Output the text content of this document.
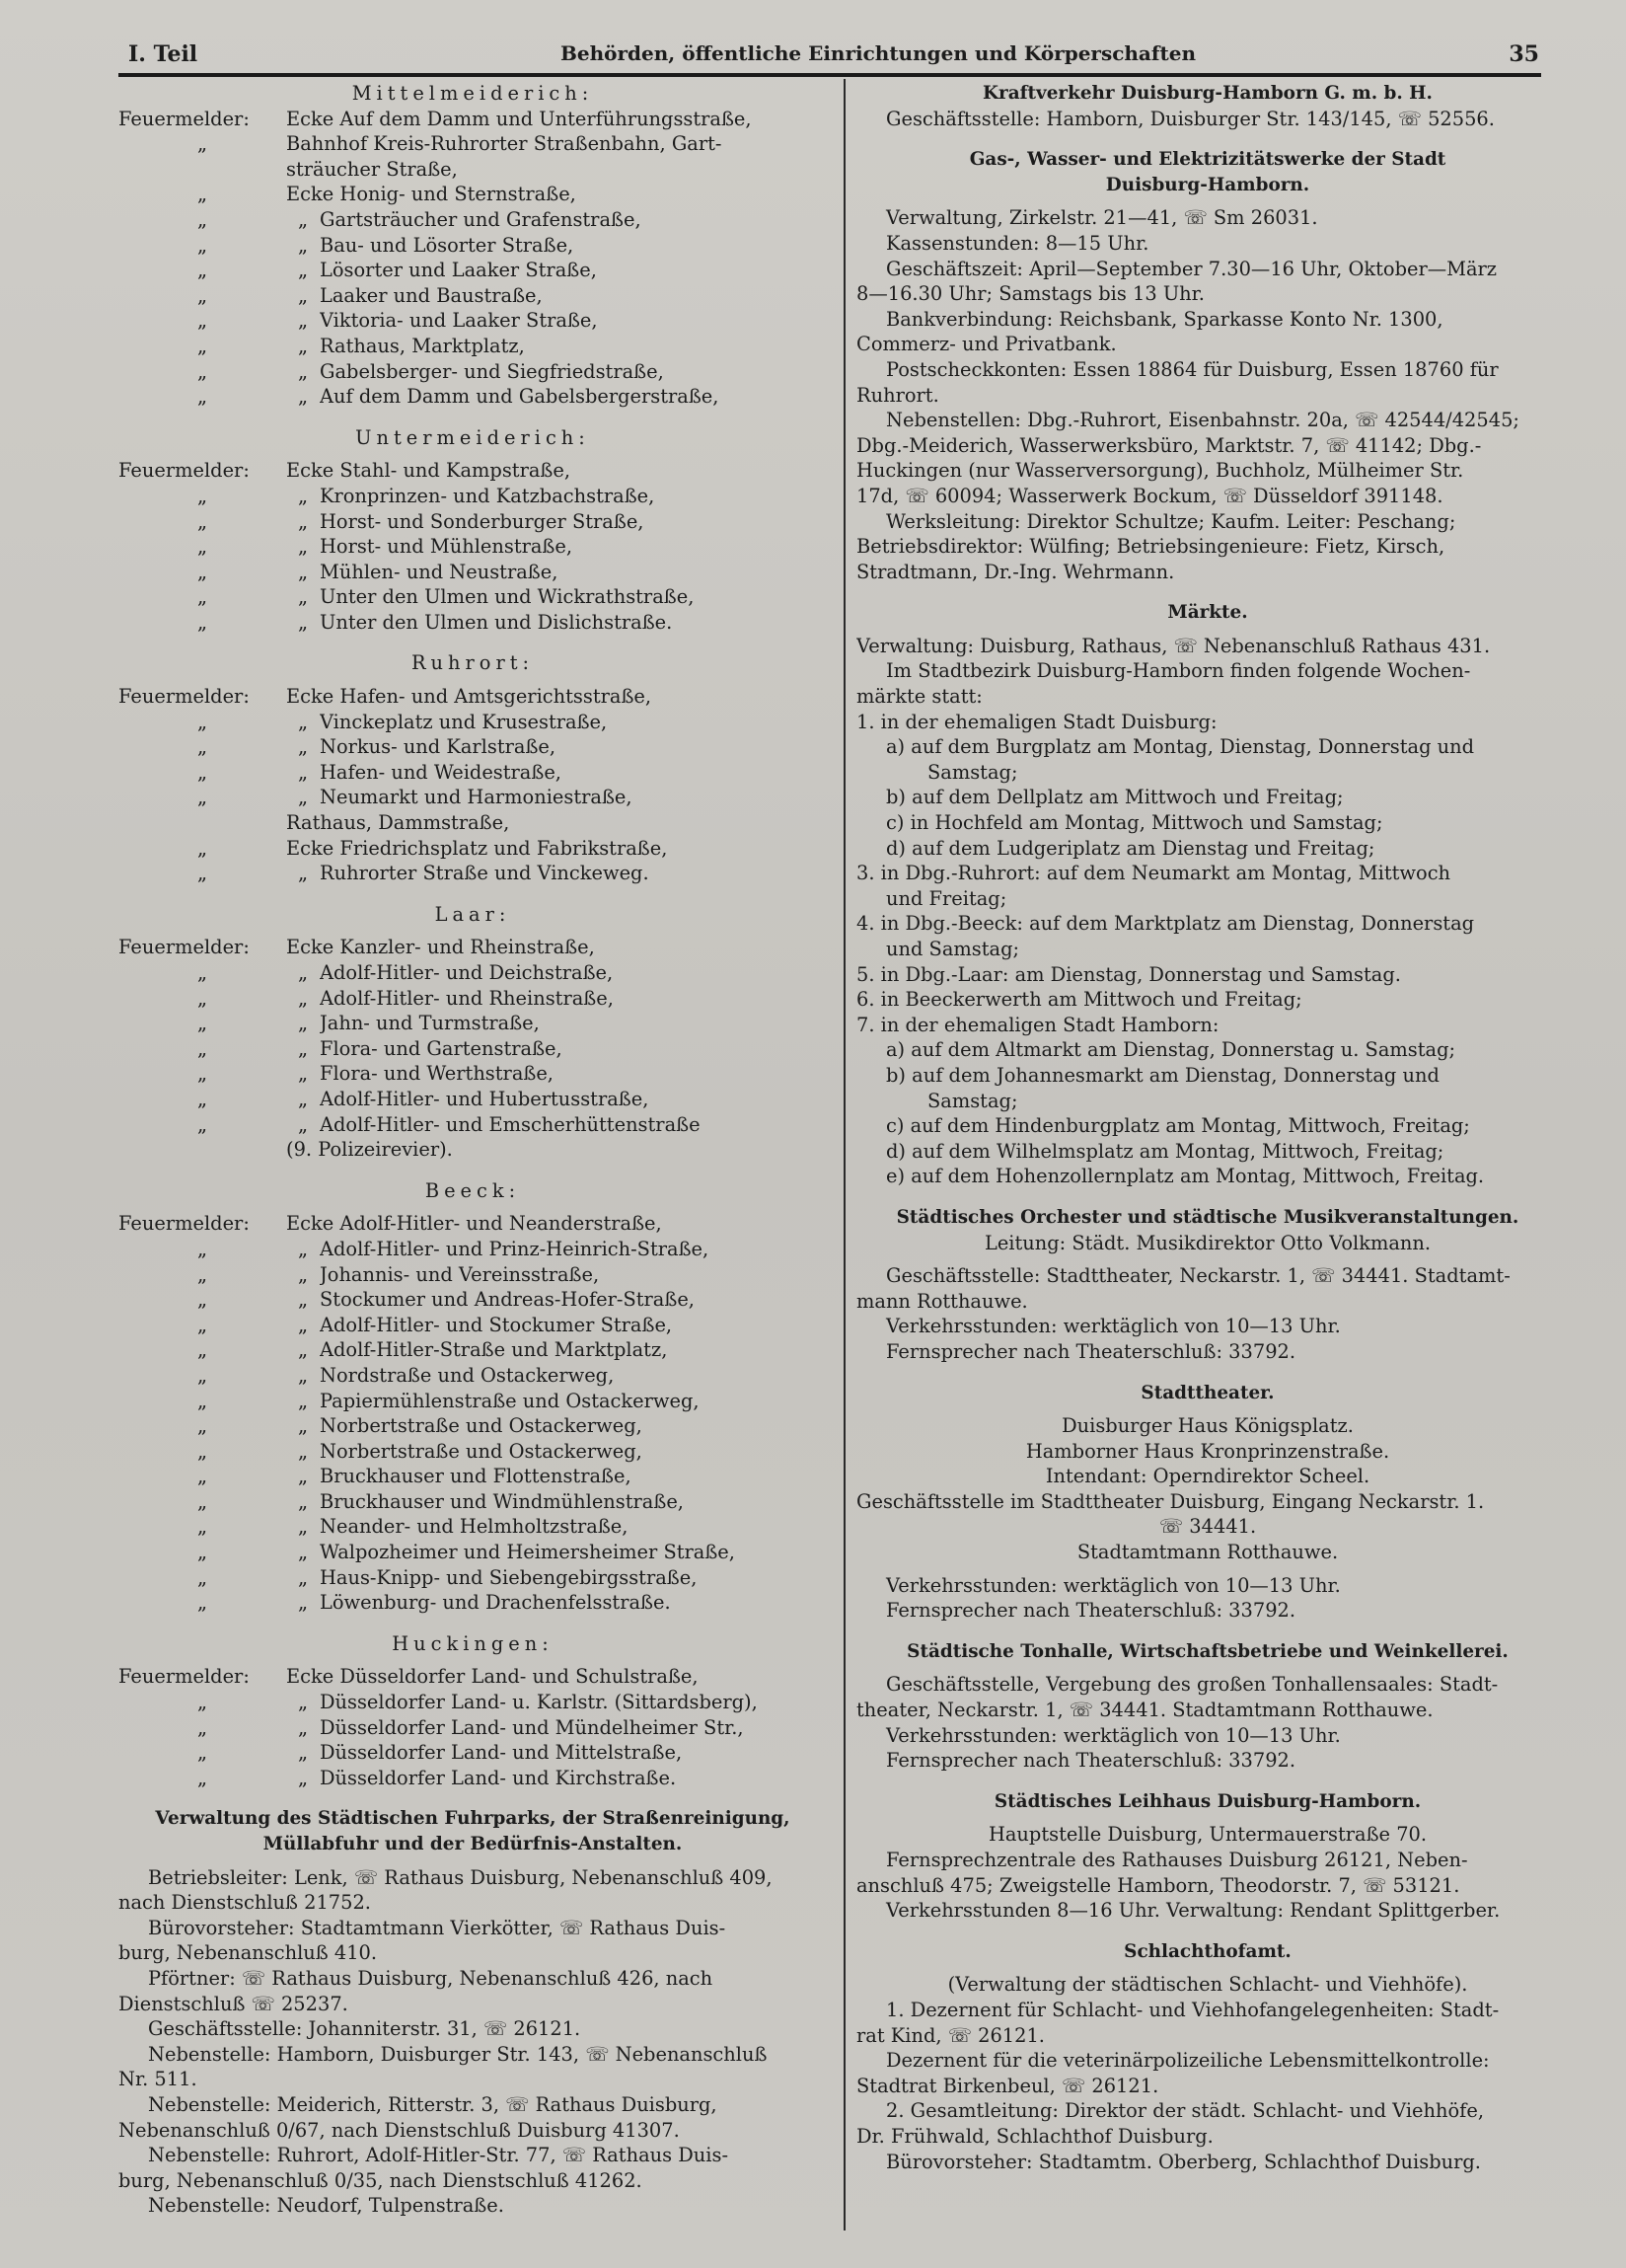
I. Teil	Behörden, öffentliche Einrichtungen und Körperschaften	35
Mittelmeiderich:
Feuermelder:	Ecke Auf dem Damm und Unterführungsstraße,
„	Bahnhof Kreis-Ruhrorter Straßenbahn, Gart-
sträucher Straße,
„	Ecke Honig- und Sternstraße,
„	„ Gartsträucher und Grafenstraße,
„	„ Bau- und Lösorter Straße,
„	„ Lösorter und Laaker Straße,
„	„ Laaker und Baustraße,
„	„ Viktoria- und Laaker Straße,
„	„ Rathaus, Marktplatz,
„	„ Gabelsberger- und Siegfriedstraße,
„	„ Auf dem Damm und Gabelsbergerstraße,
Untermeiderich:
Feuermelder:	Ecke Stahl- und Kampstraße,
„	„ Kronprinzen- und Katzbachstraße,
„	„ Horst- und Sonderburger Straße,
„	„ Horst- und Mühlenstraße,
„	„ Mühlen- und Neustraße,
„	„ Unter den Ulmen und Wickrathstraße,
„	„ Unter den Ulmen und Dislichstraße.
Ruhrort:
Feuermelder:	Ecke Hafen- und Amtsgerichtsstraße,
„	„ Vinckeplatz und Krusestraße,
„	„ Norkus- und Karlstraße,
„	„ Hafen- und Weidestraße,
„	„ Neumarkt und Harmoniestraße,
Rathaus, Dammstraße,
„	Ecke Friedrichsplatz und Fabrikstraße,
„	„ Ruhrorter Straße und Vinckeweg.
Laar:
Feuermelder:	Ecke Kanzler- und Rheinstraße,
„	„ Adolf-Hitler- und Deichstraße,
„	„ Adolf-Hitler- und Rheinstraße,
„	„ Jahn- und Turmstraße,
„	„ Flora- und Gartenstraße,
„	„ Flora- und Werthstraße,
„	„ Adolf-Hitler- und Hubertusstraße,
„	„ Adolf-Hitler- und Emscherhüttenstraße
(9. Polizeirevier).
Beeck:
Feuermelder:	Ecke Adolf-Hitler- und Neanderstraße,
„	„ Adolf-Hitler- und Prinz-Heinrich-Straße,
„	„ Johannis- und Vereinsstraße,
„	„ Stockumer und Andreas-Hofer-Straße,
„	„ Adolf-Hitler- und Stockumer Straße,
„	„ Adolf-Hitler-Straße und Marktplatz,
„	„ Nordstraße und Ostackerweg,
„	„ Papiermühlenstraße und Ostackerweg,
„	„ Norbertstraße und Ostackerweg,
„	„ Norbertstraße und Ostackerweg,
„	„ Bruckhauser und Flottenstraße,
„	„ Bruckhauser und Windmühlenstraße,
„	„ Neander- und Helmholtzstraße,
„	„ Walpozheimer und Heimersheimer Straße,
„	„ Haus-Knipp- und Siebengebirgsstraße,
„	„ Löwenburg- und Drachenfelsstraße.
Huckingen:
Feuermelder:	Ecke Düsseldorfer Land- und Schulstraße,
„	„ Düsseldorfer Land- u. Karlstr. (Sittardsberg),
„	„ Düsseldorfer Land- und Mündelheimer Str.,
„	„ Düsseldorfer Land- und Mittelstraße,
„	„ Düsseldorfer Land- und Kirchstraße.
Verwaltung des Städtischen Fuhrparks, der Straßenreinigung,
Müllabfuhr und der Bedürfnis-Anstalten.
Betriebsleiter: Lenk, ☏ Rathaus Duisburg, Nebenanschluß 409,
nach Dienstschluß 21752.
Bürovorsteher: Stadtamtmann Vierkötter, ☏ Rathaus Duis-
burg, Nebenanschluß 410.
Pförtner: ☏ Rathaus Duisburg, Nebenanschluß 426, nach
Dienstschluß ☏ 25237.
Geschäftsstelle: Johanniterstr. 31, ☏ 26121.
Nebenstelle: Hamborn, Duisburger Str. 143, ☏ Nebenanschluß
Nr. 511.
Nebenstelle: Meiderich, Ritterstr. 3, ☏ Rathaus Duisburg,
Nebenanschluß 0/67, nach Dienstschluß Duisburg 41307.
Nebenstelle: Ruhrort, Adolf-Hitler-Str. 77, ☏ Rathaus Duis-
burg, Nebenanschluß 0/35, nach Dienstschluß 41262.
Nebenstelle: Neudorf, Tulpenstraße.
Kraftverkehr Duisburg-Hamborn G. m. b. H.
Geschäftsstelle: Hamborn, Duisburger Str. 143/145, ☏ 52556.
Gas-, Wasser- und Elektrizitätswerke der Stadt
Duisburg-Hamborn.
Verwaltung, Zirkelstr. 21—41, ☏ Sm 26031.
Kassenstunden: 8—15 Uhr.
Geschäftszeit: April—September 7.30—16 Uhr, Oktober—März
8—16.30 Uhr; Samstags bis 13 Uhr.
Bankverbindung: Reichsbank, Sparkasse Konto Nr. 1300,
Commerz- und Privatbank.
Postscheckkonten: Essen 18864 für Duisburg, Essen 18760 für
Ruhrort.
Nebenstellen: Dbg.-Ruhrort, Eisenbahnstr. 20a, ☏ 42544/42545;
Dbg.-Meiderich, Wasserwerksbüro, Marktstr. 7, ☏ 41142; Dbg.-
Huckingen (nur Wasserversorgung), Buchholz, Mülheimer Str.
17d, ☏ 60094; Wasserwerk Bockum, ☏ Düsseldorf 391148.
Werksleitung: Direktor Schultze; Kaufm. Leiter: Peschang;
Betriebsdirektor: Wülfing; Betriebsingenieure: Fietz, Kirsch,
Stradtmann, Dr.-Ing. Wehrmann.
Märkte.
Verwaltung: Duisburg, Rathaus, ☏ Nebenanschluß Rathaus 431.
Im Stadtbezirk Duisburg-Hamborn finden folgende Wochen-
märkte statt:
1. in der ehemaligen Stadt Duisburg:
a) auf dem Burgplatz am Montag, Dienstag, Donnerstag und
Samstag;
b) auf dem Dellplatz am Mittwoch und Freitag;
c) in Hochfeld am Montag, Mittwoch und Samstag;
d) auf dem Ludgeriplatz am Dienstag und Freitag;
3. in Dbg.-Ruhrort: auf dem Neumarkt am Montag, Mittwoch
und Freitag;
4. in Dbg.-Beeck: auf dem Marktplatz am Dienstag, Donnerstag
und Samstag;
5. in Dbg.-Laar: am Dienstag, Donnerstag und Samstag.
6. in Beeckerwerth am Mittwoch und Freitag;
7. in der ehemaligen Stadt Hamborn:
a) auf dem Altmarkt am Dienstag, Donnerstag u. Samstag;
b) auf dem Johannesmarkt am Dienstag, Donnerstag und
Samstag;
c) auf dem Hindenburgplatz am Montag, Mittwoch, Freitag;
d) auf dem Wilhelmsplatz am Montag, Mittwoch, Freitag;
e) auf dem Hohenzollernplatz am Montag, Mittwoch, Freitag.
Städtisches Orchester und städtische Musikveranstaltungen.
Leitung: Städt. Musikdirektor Otto Volkmann.
Geschäftsstelle: Stadttheater, Neckarstr. 1, ☏ 34441. Stadtamt-
mann Rotthauwe.
Verkehrsstunden: werktäglich von 10—13 Uhr.
Fernsprecher nach Theaterschluß: 33792.
Stadttheater.
Duisburger Haus Königsplatz.
Hamborner Haus Kronprinzenstraße.
Intendant: Operndirektor Scheel.
Geschäftsstelle im Stadttheater Duisburg, Eingang Neckarstr. 1.
☏ 34441.
Stadtamtmann Rotthauwe.
Verkehrsstunden: werktäglich von 10—13 Uhr.
Fernsprecher nach Theaterschluß: 33792.
Städtische Tonhalle, Wirtschaftsbetriebe und Weinkellerei.
Geschäftsstelle, Vergebung des großen Tonhallensaales: Stadt-
theater, Neckarstr. 1, ☏ 34441. Stadtamtmann Rotthauwe.
Verkehrsstunden: werktäglich von 10—13 Uhr.
Fernsprecher nach Theaterschluß: 33792.
Städtisches Leihhaus Duisburg-Hamborn.
Hauptstelle Duisburg, Untermauerstraße 70.
Fernsprechzentrale des Rathauses Duisburg 26121, Neben-
anschluß 475; Zweigstelle Hamborn, Theodorstr. 7, ☏ 53121.
Verkehrsstunden 8—16 Uhr. Verwaltung: Rendant Splittgerber.
Schlachthofamt.
(Verwaltung der städtischen Schlacht- und Viehhöfe).
1. Dezernent für Schlacht- und Viehhofangelegenheiten: Stadt-
rat Kind, ☏ 26121.
Dezernent für die veterinärpolizeiliche Lebensmittelkontrolle:
Stadtrat Birkenbeul, ☏ 26121.
2. Gesamtleitung: Direktor der städt. Schlacht- und Viehhöfe,
Dr. Frühwald, Schlachthof Duisburg.
Bürovorsteher: Stadtamtm. Oberberg, Schlachthof Duisburg.
